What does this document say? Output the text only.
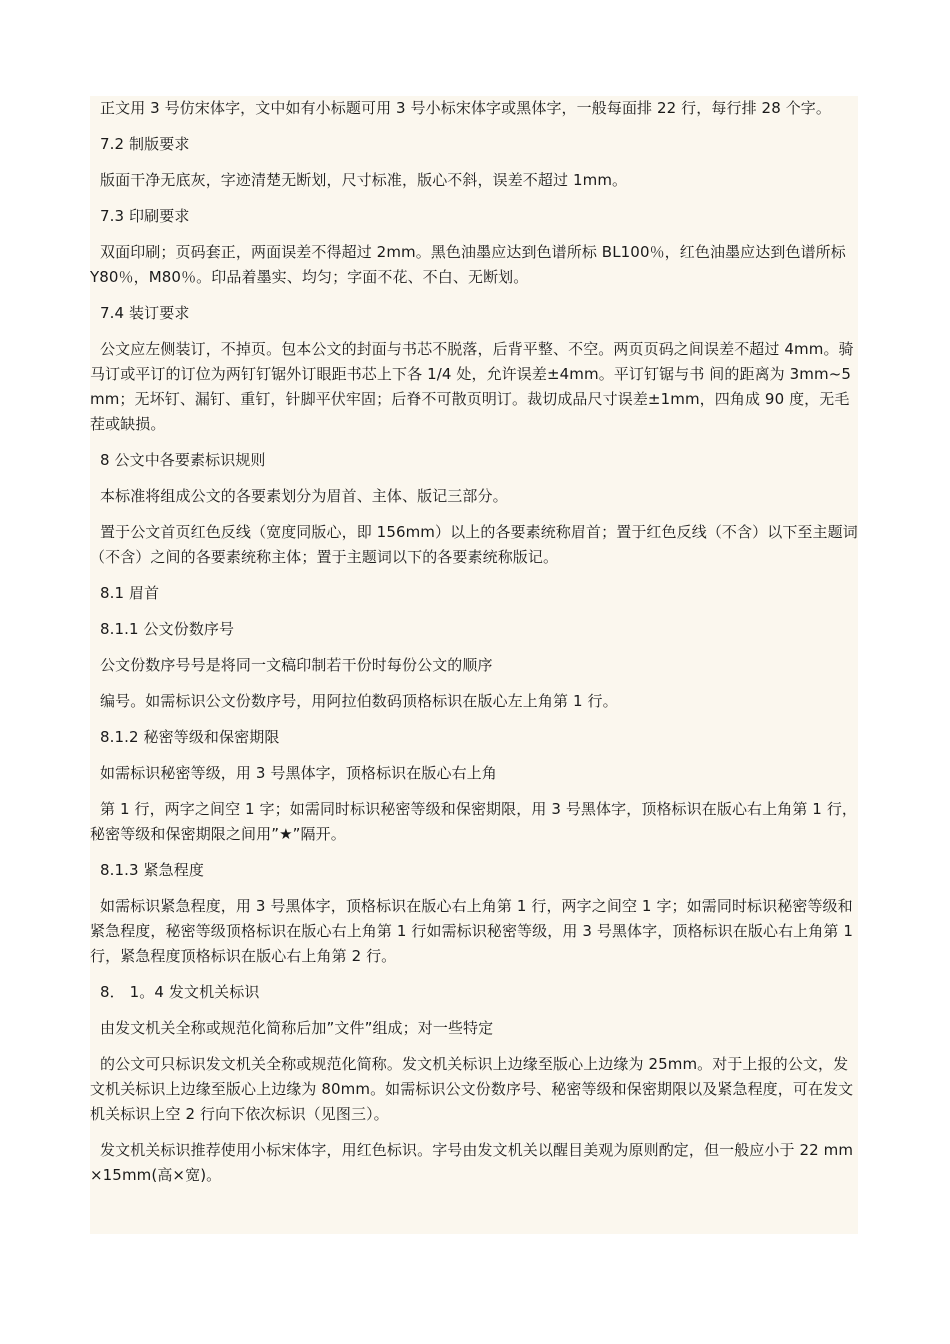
正文用 3 号仿宋体字，文中如有小标题可用 3 号小标宋体字或黑体字，一般每面排 22 行，每行排 28 个字。

7.2 制版要求

版面干净无底灰，字迹清楚无断划，尺寸标准，版心不斜，误差不超过 1mm。

7.3 印刷要求

双面印刷；页码套正，两面误差不得超过 2mm。黑色油墨应达到色谱所标 BL100％，红色油墨应达到色谱所标 Y80％，M80％。印品着墨实、均匀；字面不花、不白、无断划。

7.4 装订要求

公文应左侧装订，不掉页。包本公文的封面与书芯不脱落，后背平整、不空。两页页码之间误差不超过 4mm。骑马订或平订的订位为两钉钉锯外订眼距书芯上下各 1/4 处，允许误差±4mm。平订钉锯与书 间的距离为 3mm~5mm；无坏钉、漏钉、重钉，针脚平伏牢固；后脊不可散页明订。裁切成品尺寸误差±1mm，四角成 90 度，无毛茬或缺损。

8 公文中各要素标识规则

本标准将组成公文的各要素划分为眉首、主体、版记三部分。

置于公文首页红色反线（宽度同版心，即 156mm）以上的各要素统称眉首；置于红色反线（不含）以下至主题词（不含）之间的各要素统称主体；置于主题词以下的各要素统称版记。

8.1 眉首

8.1.1 公文份数序号

公文份数序号号是将同一文稿印制若干份时每份公文的顺序

编号。如需标识公文份数序号，用阿拉伯数码顶格标识在版心左上角第 1 行。

8.1.2 秘密等级和保密期限

如需标识秘密等级，用 3 号黑体字，顶格标识在版心右上角

第 1 行，两字之间空 1 字；如需同时标识秘密等级和保密期限，用 3 号黑体字，顶格标识在版心右上角第 1 行，秘密等级和保密期限之间用”★”隔开。

8.1.3 紧急程度

如需标识紧急程度，用 3 号黑体字，顶格标识在版心右上角第 1 行，两字之间空 1 字；如需同时标识秘密等级和紧急程度，秘密等级顶格标识在版心右上角第 1 行如需标识秘密等级，用 3 号黑体字，顶格标识在版心右上角第 1 行，紧急程度顶格标识在版心右上角第 2 行。

8． 1。4 发文机关标识

由发文机关全称或规范化简称后加”文件”组成；对一些特定

的公文可只标识发文机关全称或规范化简称。发文机关标识上边缘至版心上边缘为 25mm。对于上报的公文，发文机关标识上边缘至版心上边缘为 80mm。如需标识公文份数序号、秘密等级和保密期限以及紧急程度，可在发文机关标识上空 2 行向下依次标识（见图三）。

发文机关标识推荐使用小标宋体字，用红色标识。字号由发文机关以醒目美观为原则酌定，但一般应小于 22 mm×15mm(高×宽)。
